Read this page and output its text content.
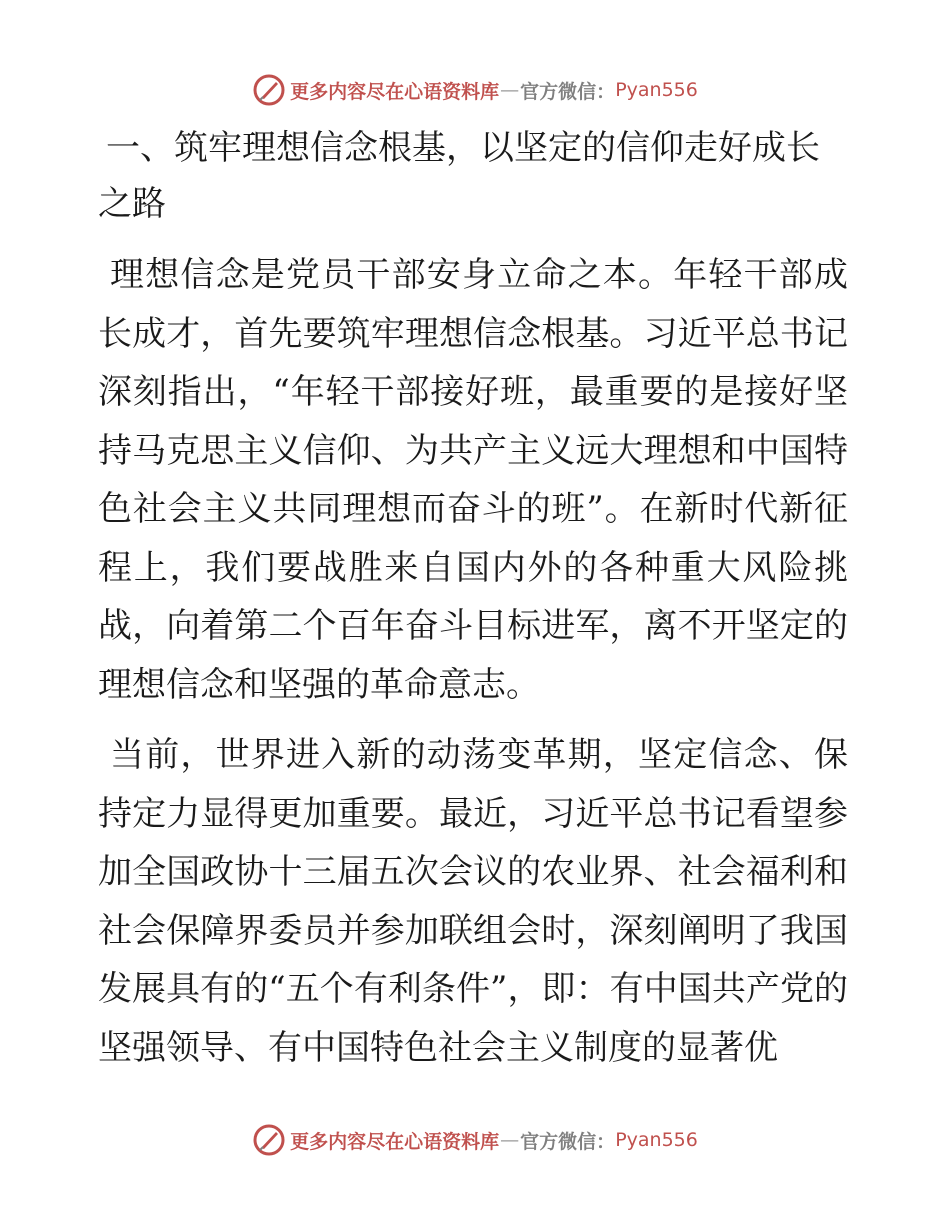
更多内容尽在心语资料库 — 官方微信 ： Pyan556
一、筑牢理想信念根基，以坚定的信仰走好成长
之路

理想信念是党员干部安身立命之本。年轻干部成长成才，首先要筑牢理想信念根基。习近平总书记深刻指出，“年轻干部接好班，最重要的是接好坚持马克思主义信仰、为共产主义远大理想和中国特色社会主义共同理想而奋斗的班”。在新时代新征程上，我们要战胜来自国内外的各种重大风险挑战，向着第二个百年奋斗目标进军，离不开坚定的理想信念和坚强的革命意志。

当前，世界进入新的动荡变革期，坚定信念、保持定力显得更加重要。最近，习近平总书记看望参加全国政协十三届五次会议的农业界、社会福利和社会保障界委员并参加联组会时，深刻阐明了我国发展具有的“五个有利条件”，即：有中国共产党的坚强领导、有中国特色社会主义制度的显著优

更多内容尽在心语资料库 — 官方微信 ： Pyan556
